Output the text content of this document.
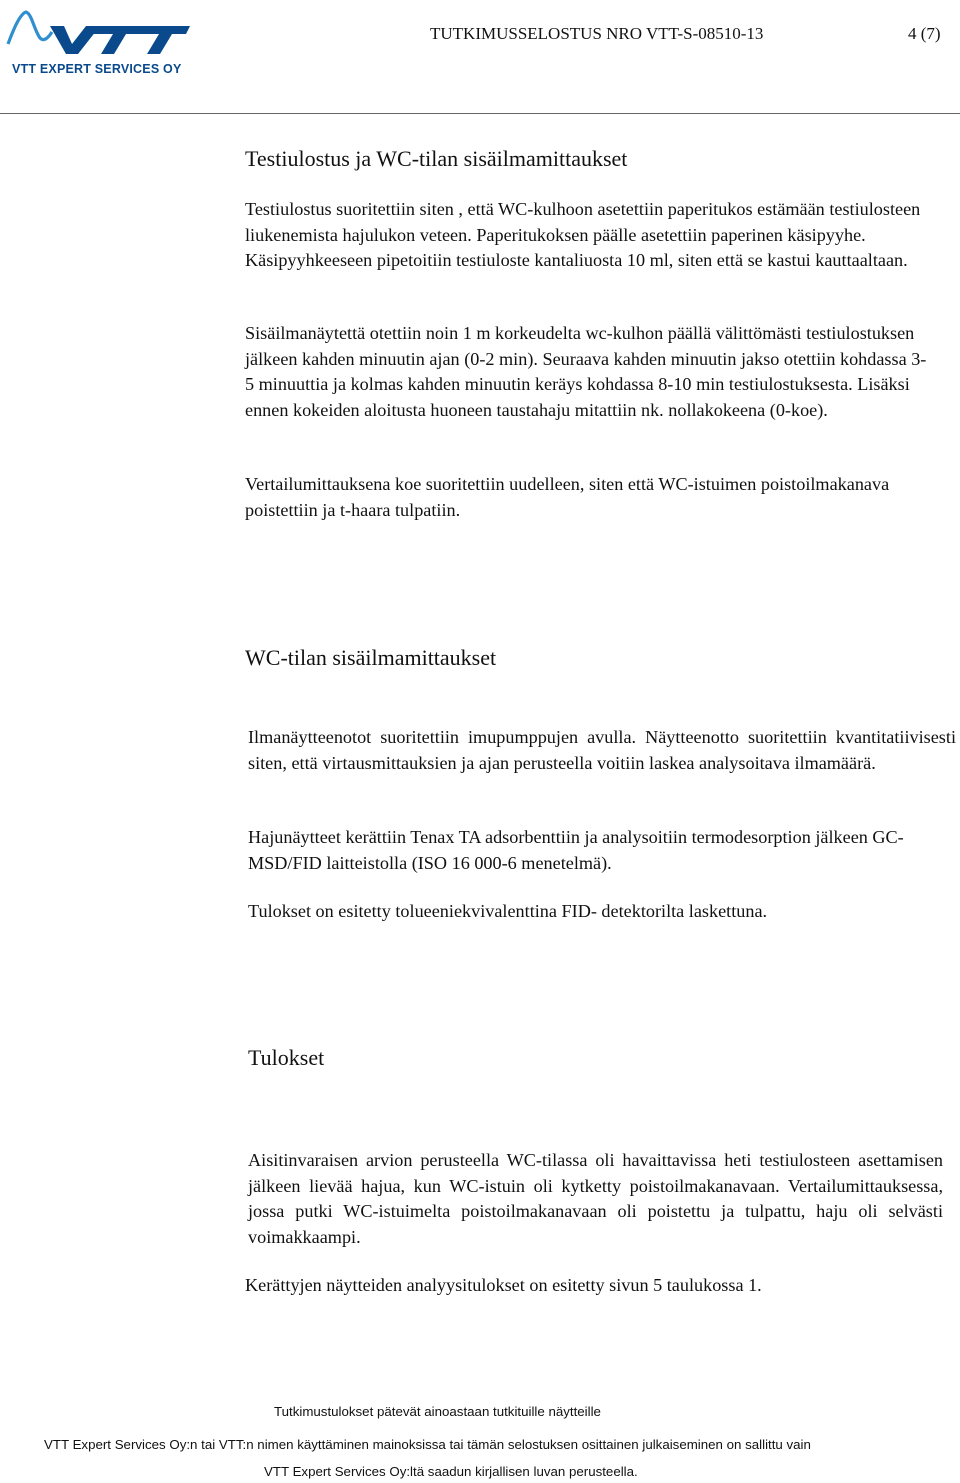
VTT EXPERT SERVICES OY
TUTKIMUSSELOSTUS NRO VTT-S-08510-13	4 (7)
Testiulostus ja WC-tilan sisäilmamittaukset

Testiulostus suoritettiin siten , että WC-kulhoon asetettiin paperitukos estämään testiulosteen liukenemista hajulukon veteen. Paperitukoksen päälle asetettiin paperinen käsipyyhe. Käsipyyhkeeseen pipetoitiin testiuloste kantaliuosta 10 ml, siten että se kastui kauttaaltaan.

Sisäilmanäytettä otettiin noin 1 m korkeudelta wc-kulhon päällä välittömästi testiulostuksen jälkeen kahden minuutin ajan (0-2 min). Seuraava kahden minuutin jakso otettiin kohdassa 3-5 minuuttia ja kolmas kahden minuutin keräys kohdassa 8-10 min testiulostuksesta. Lisäksi ennen kokeiden aloitusta huoneen taustahaju mitattiin nk. nollakokeena (0-koe).

Vertailumittauksena koe suoritettiin uudelleen, siten että WC-istuimen poistoilmakanava poistettiin ja t-haara tulpatiin.

WC-tilan sisäilmamittaukset

Ilmanäytteenotot suoritettiin imupumppujen avulla. Näytteenotto suoritettiin kvantitatiivisesti siten, että virtausmittauksien ja ajan perusteella voitiin laskea analysoitava ilmamäärä.

Hajunäytteet kerättiin Tenax TA adsorbenttiin ja analysoitiin termodesorption jälkeen GC-MSD/FID laitteistolla (ISO 16 000-6 menetelmä).

Tulokset on esitetty tolueeniekvivalenttina FID- detektorilta laskettuna.

Tulokset

Aisitinvaraisen arvion perusteella WC-tilassa oli havaittavissa heti testiulosteen asettamisen jälkeen lievää hajua, kun WC-istuin oli kytketty poistoilmakanavaan. Vertailumittauksessa, jossa putki WC-istuimelta poistoilmakanavaan oli poistettu ja tulpattu, haju oli selvästi voimakkaampi.

Kerättyjen näytteiden analyysitulokset on esitetty sivun 5 taulukossa 1.

Tutkimustulokset pätevät ainoastaan tutkituille näytteille
VTT Expert Services Oy:n tai VTT:n nimen käyttäminen mainoksissa tai tämän selostuksen osittainen julkaiseminen on sallittu vain
VTT Expert Services Oy:ltä saadun kirjallisen luvan perusteella.
